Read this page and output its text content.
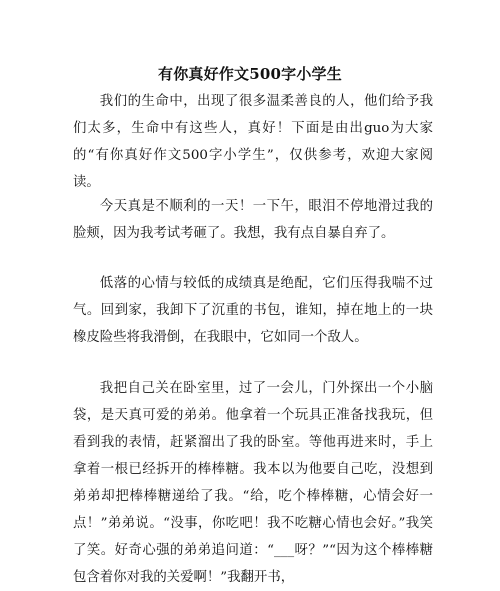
有你真好作文500字小学生

我们的生命中，出现了很多温柔善良的人，他们给予我们太多，生命中有这些人，真好！下面是由出guo为大家的“有你真好作文500字小学生”，仅供参考，欢迎大家阅读。

今天真是不顺利的一天！一下午，眼泪不停地滑过我的脸颊，因为我考试考砸了。我想，我有点自暴自弃了。

低落的心情与较低的成绩真是绝配，它们压得我喘不过气。回到家，我卸下了沉重的书包，谁知，掉在地上的一块橡皮险些将我滑倒，在我眼中，它如同一个敌人。

我把自己关在卧室里，过了一会儿，门外探出一个小脑袋，是天真可爱的弟弟。他拿着一个玩具正准备找我玩，但看到我的表情，赶紧溜出了我的卧室。等他再进来时，手上拿着一根已经拆开的棒棒糖。我本以为他要自己吃，没想到弟弟却把棒棒糖递给了我。“给，吃个棒棒糖，心情会好一点！”弟弟说。“没事，你吃吧！我不吃糖心情也会好。”我笑了笑。好奇心强的弟弟追问道：“___呀？”“因为这个棒棒糖包含着你对我的关爱啊！”我翻开书，
